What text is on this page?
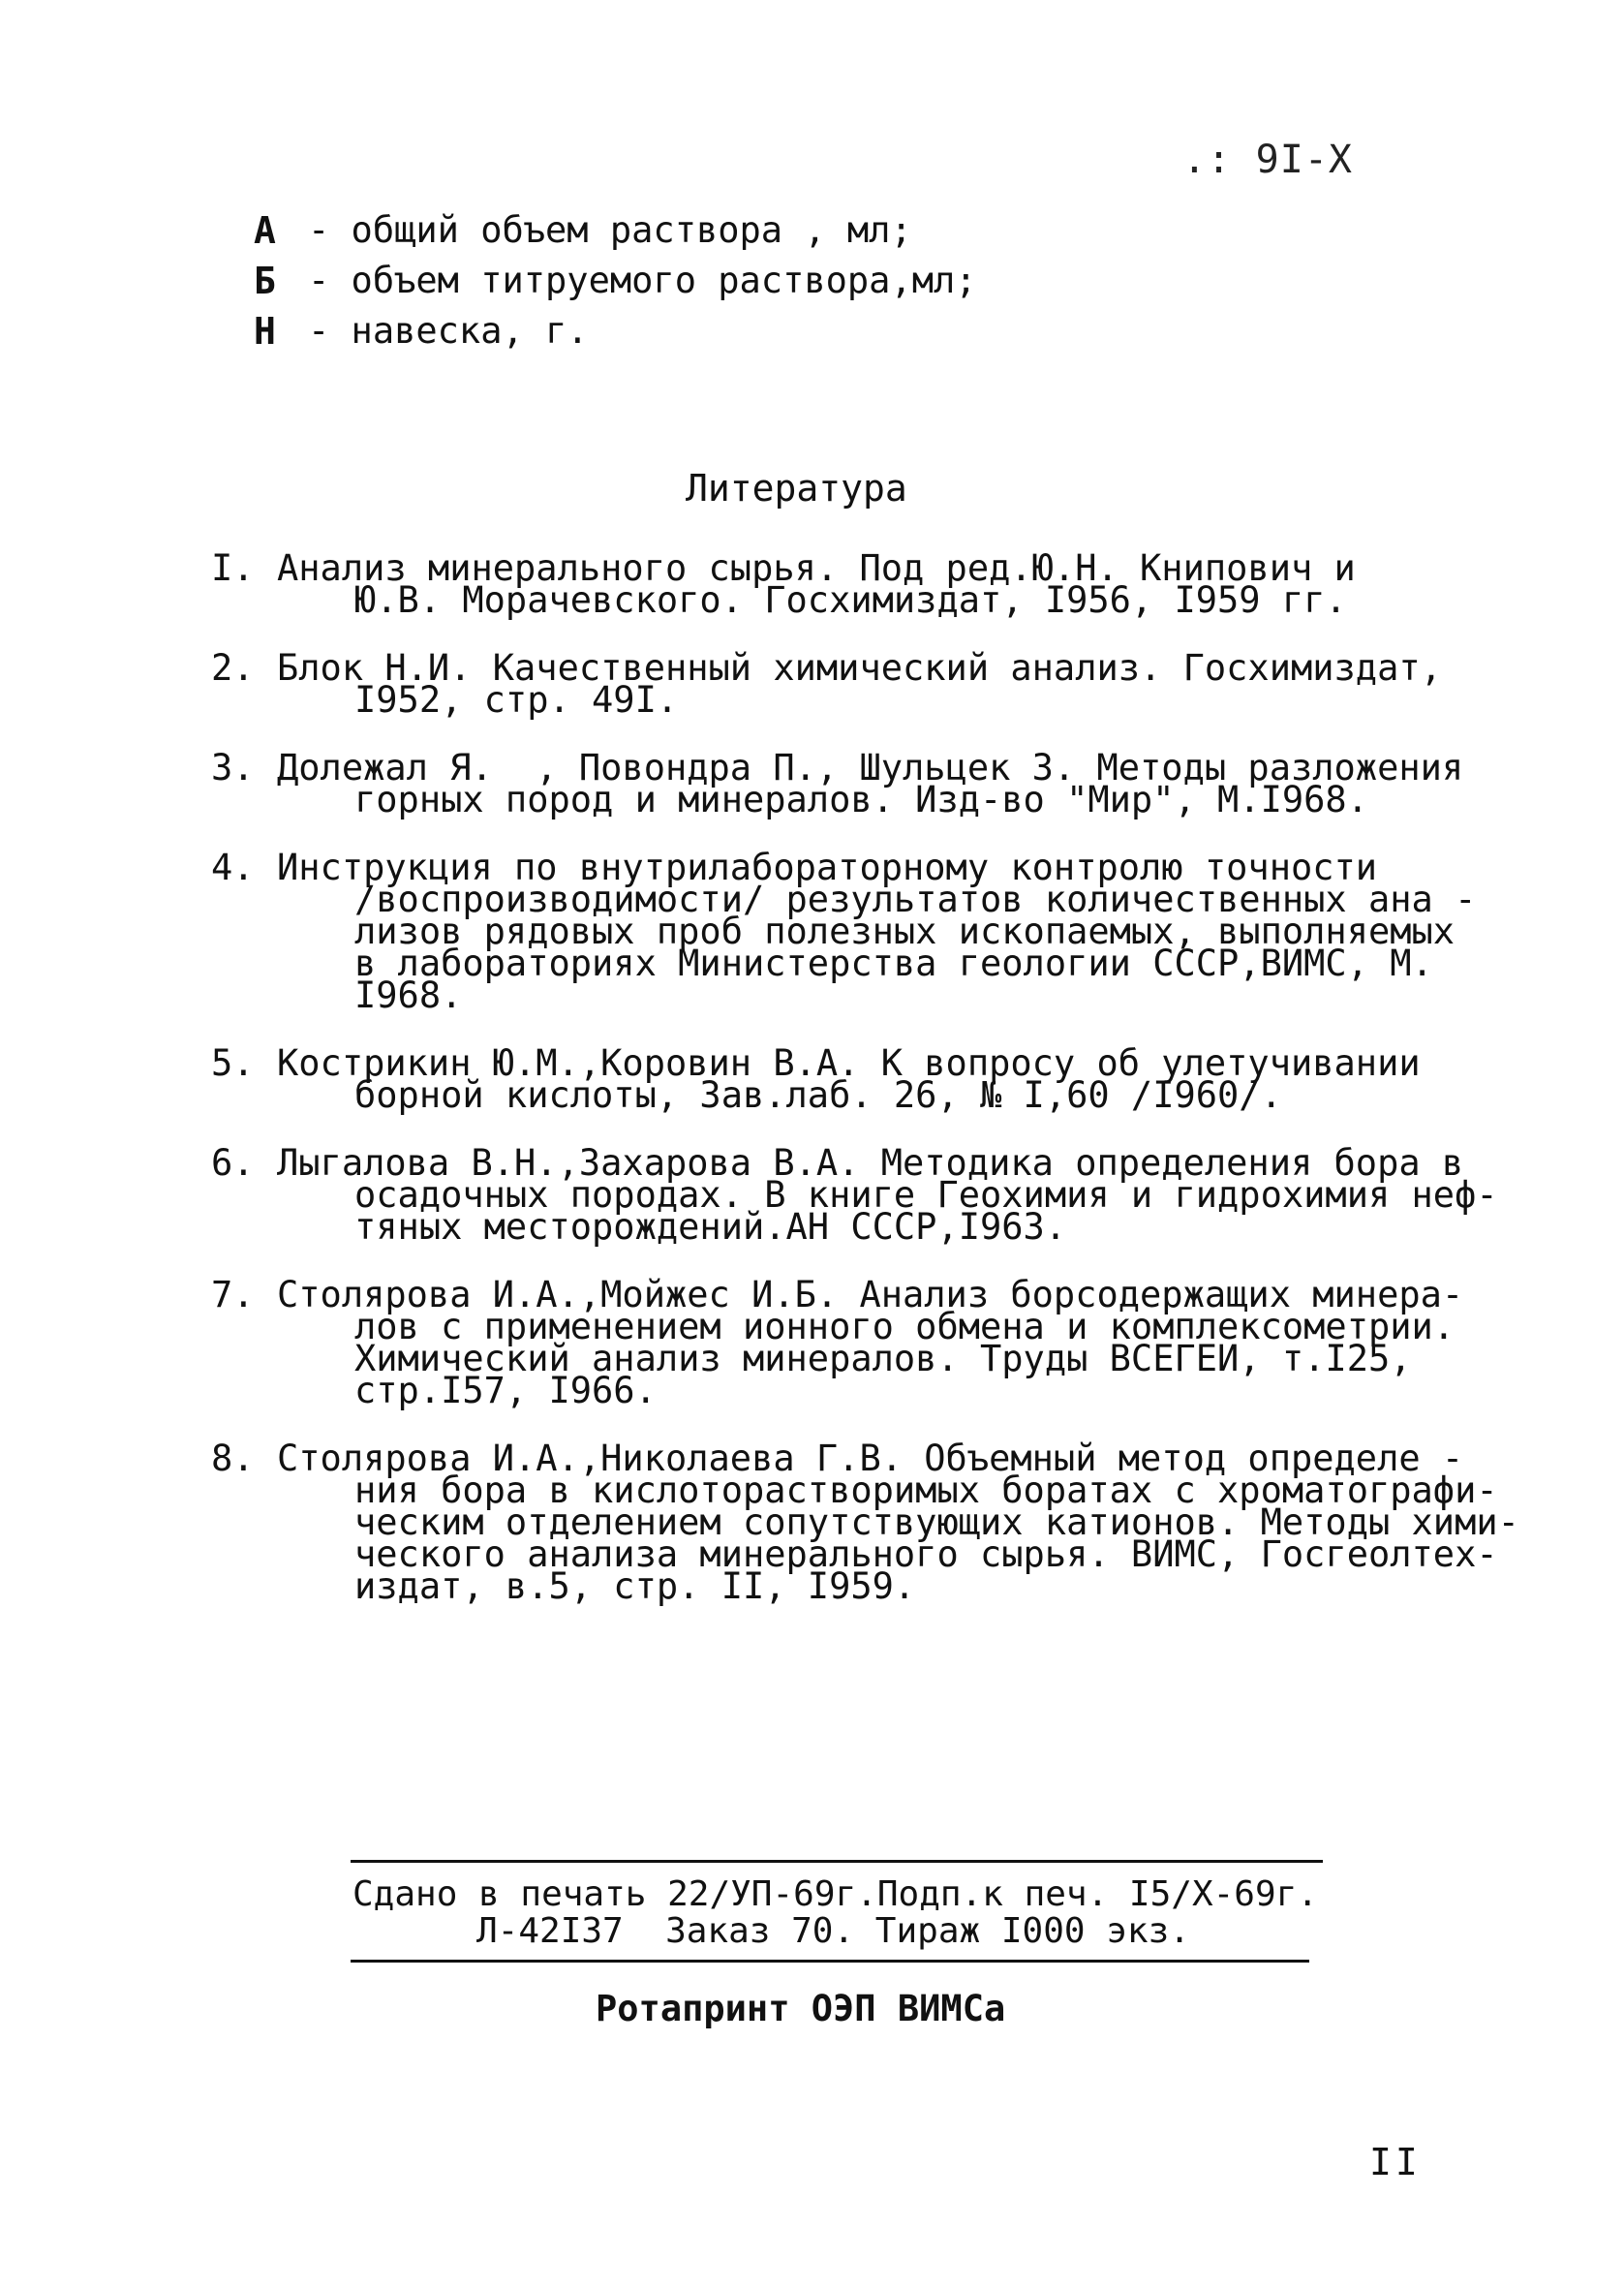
.: 9I-X
А - общий объем раствора , мл;
Б - объем титруемого раствора,мл;
Н - навеска, г.
Литература
I. Анализ минерального сырья. Под ред.Ю.Н. Книпович и
Ю.В. Морачевского. Госхимиздат, I956, I959 гг.
2. Блок Н.И. Качественный химический анализ. Госхимиздат,
I952, стр. 49I.
3. Долежал Я.  , Повондра П., Шульцек З. Методы разложения
горных пород и минералов. Изд-во "Мир", М.I968.
4. Инструкция по внутрилабораторному контролю точности
/воспроизводимости/ результатов количественных ана -
лизов рядовых проб полезных ископаемых, выполняемых
в лабораториях Министерства геологии СССР,ВИМС, М.
I968.
5. Кострикин Ю.М.,Коровин В.А. К вопросу об улетучивании
борной кислоты, Зав.лаб. 26, № I,60 /I960/.
6. Лыгалова В.Н.,Захарова В.А. Методика определения бора в
осадочных породах. В книге Геохимия и гидрохимия неф-
тяных месторождений.АН СССР,I963.
7. Столярова И.А.,Мойжес И.Б. Анализ борсодержащих минера-
лов с применением ионного обмена и комплексометрии.
Химический анализ минералов. Труды ВСЕГЕИ, т.I25,
стр.I57, I966.
8. Столярова И.А.,Николаева Г.В. Объемный метод определе -
ния бора в кислоторастворимых боратах с хроматографи-
ческим отделением сопутствующих катионов. Методы хими-
ческого анализа минерального сырья. ВИМС, Госгеолтех-
издат, в.5, стр. II, I959.
Сдано в печать 22/УП-69г.Подп.к печ. I5/X-69г.
Л-42I37  Заказ 70. Тираж I000 экз.
Ротапринт ОЭП ВИМСа
II
